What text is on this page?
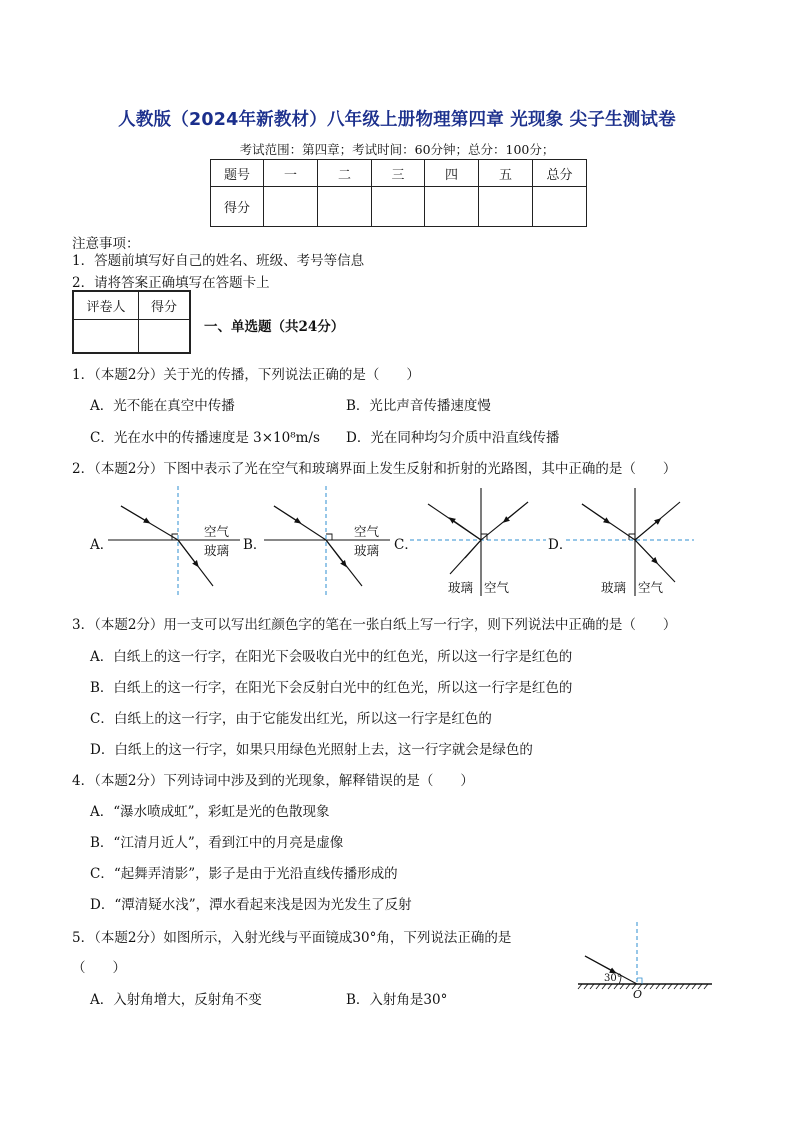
人教版（2024年新教材）八年级上册物理第四章 光现象 尖子生测试卷
考试范围：第四章；考试时间：60分钟；总分：100分；
题号	一	二	三	四	五	总分
得分						
注意事项：
1．答题前填写好自己的姓名、班级、考号等信息
2．请将答案正确填写在答题卡上
评卷人	得分

一、单选题（共24分）
1．（本题2分）关于光的传播，下列说法正确的是（　　）
A．光不能在真空中传播	B．光比声音传播速度慢
C．光在水中的传播速度是 3×10⁸m/s D．光在同种均匀介质中沿直线传播
2．（本题2分）下图中表示了光在空气和玻璃界面上发生反射和折射的光路图，其中正确的是（　　）
A．
空气
玻璃 B．
空气
玻璃 C．
玻璃 空气
D．
玻璃 空气
3．（本题2分）用一支可以写出红颜色字的笔在一张白纸上写一行字，则下列说法中正确的是（　　）
A．白纸上的这一行字，在阳光下会吸收白光中的红色光，所以这一行字是红色的
B．白纸上的这一行字，在阳光下会反射白光中的红色光，所以这一行字是红色的
C．白纸上的这一行字，由于它能发出红光，所以这一行字是红色的
D．白纸上的这一行字，如果只用绿色光照射上去，这一行字就会是绿色的
4．（本题2分）下列诗词中涉及到的光现象，解释错误的是（　　）
A．“瀑水喷成虹”，彩虹是光的色散现象
B．“江清月近人”，看到江中的月亮是虚像
C．“起舞弄清影”，影子是由于光沿直线传播形成的
D．“潭清疑水浅”，潭水看起来浅是因为光发生了反射
5．（本题2分）如图所示，入射光线与平面镜成30°角，下列说法正确的是
（　　）
A．入射角增大，反射角不变	B．入射角是30°
30°
O
